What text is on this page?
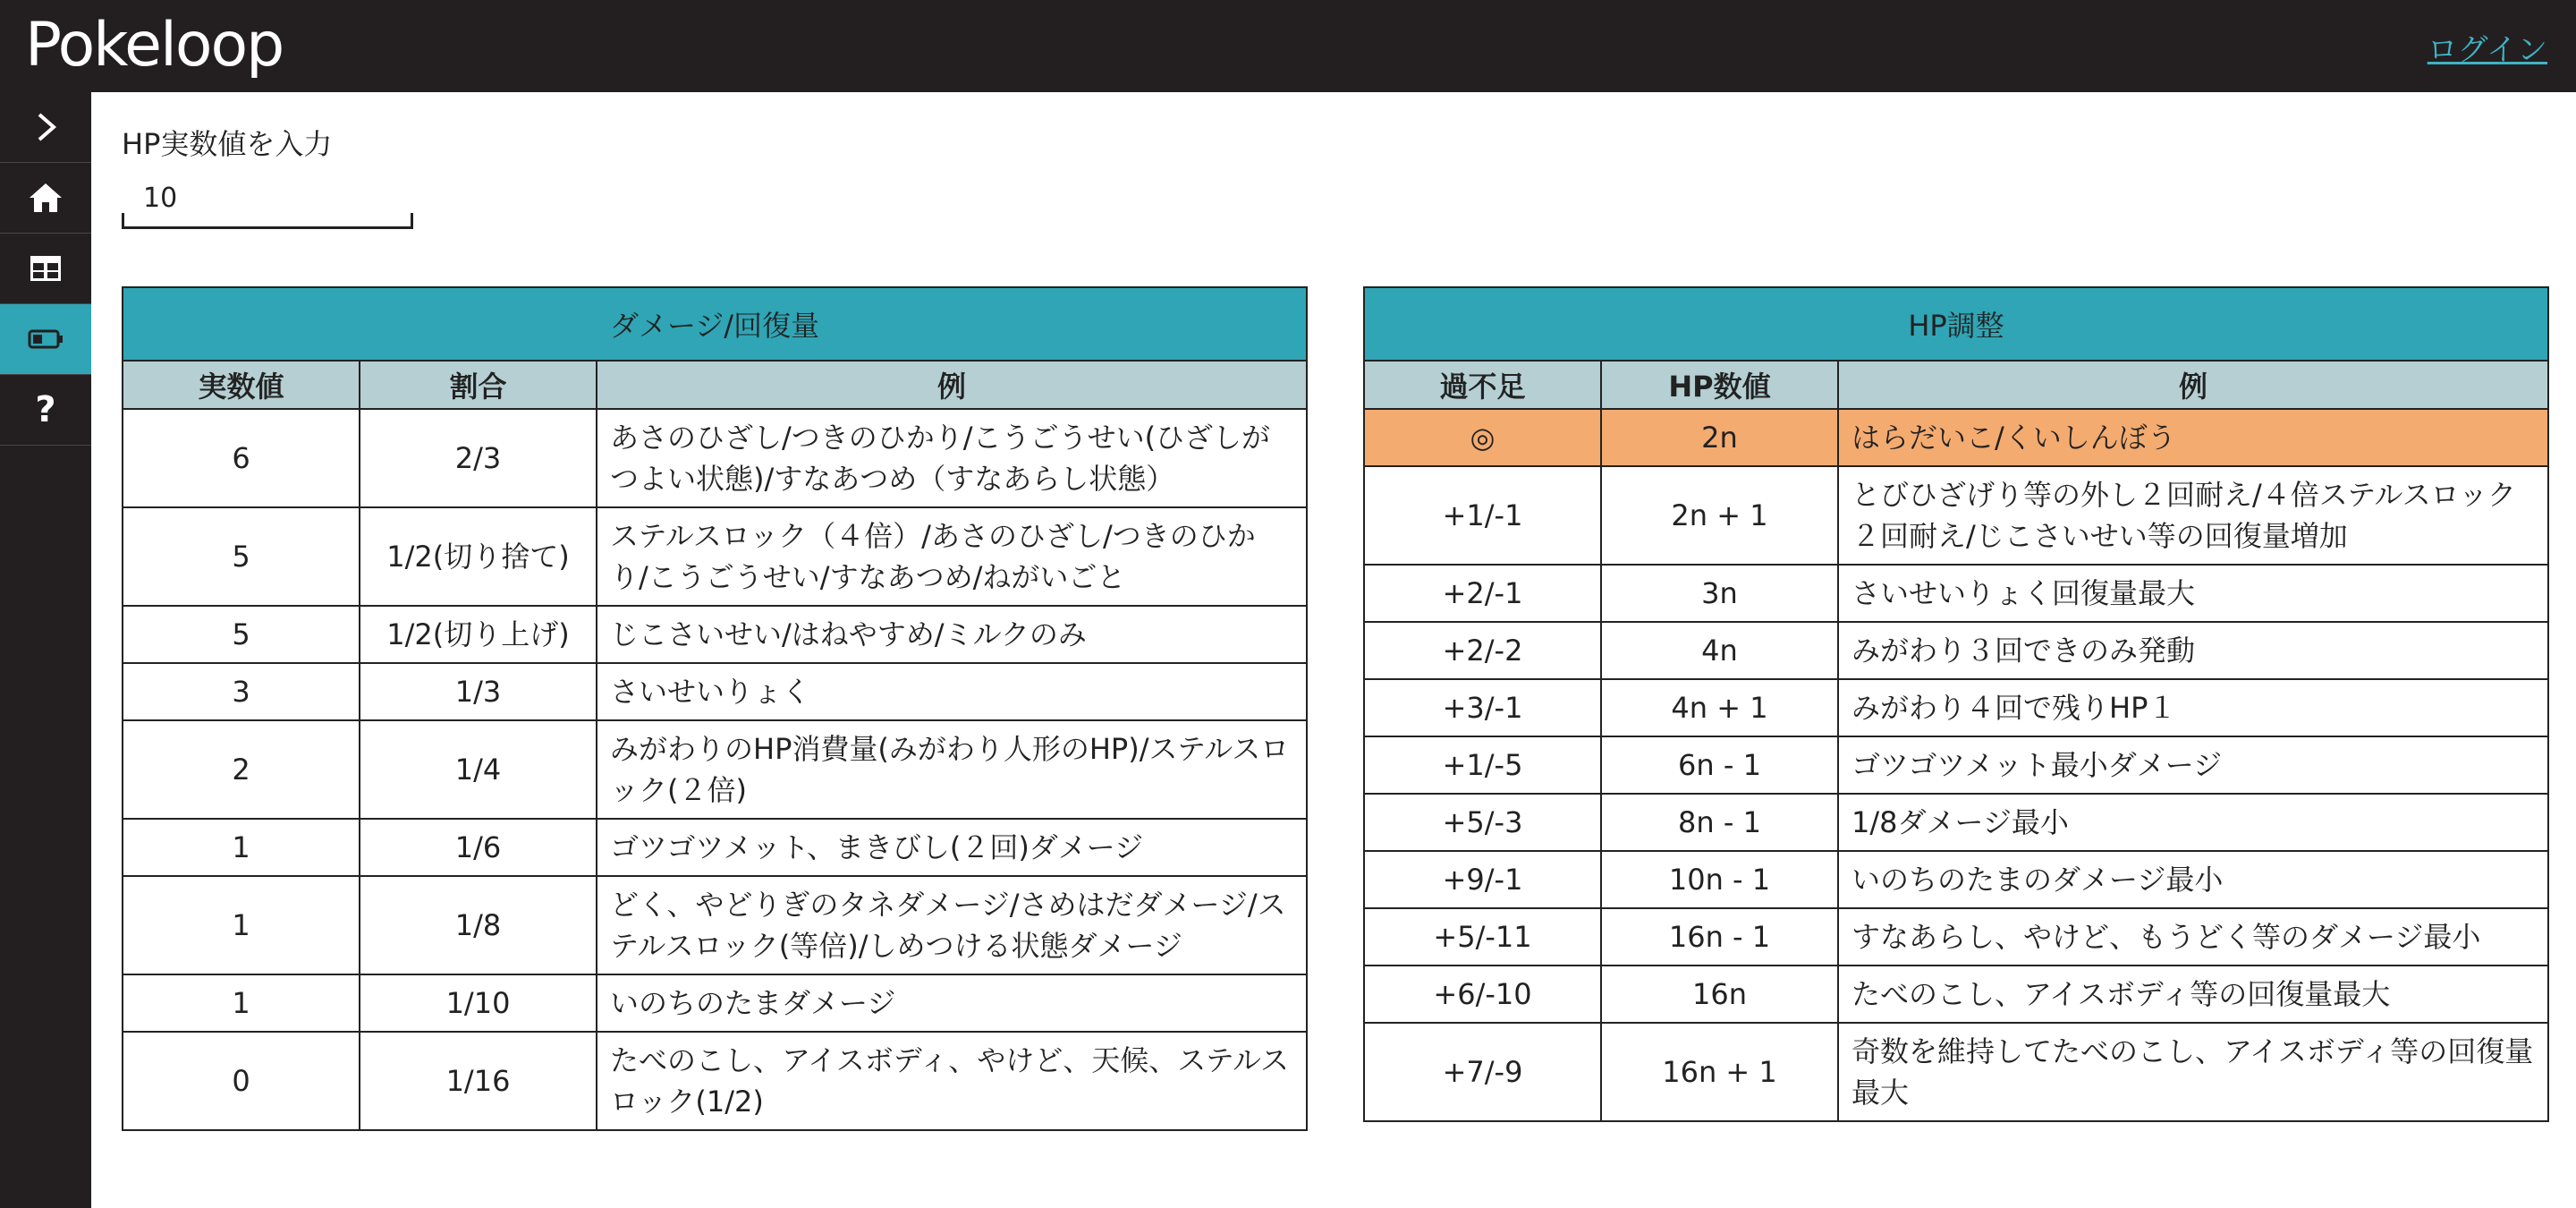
Pokeloop	ログイン
?
HP実数値を入力
10
ダメージ/回復量		
実数値	割合	例
6	2/3	あさのひざし/つきのひかり/こうごうせい(ひざしがつよい状態)/すなあつめ（すなあらし状態）
5	1/2(切り捨て)	ステルスロック（４倍）/あさのひざし/つきのひかり/こうごうせい/すなあつめ/ねがいごと
5	1/2(切り上げ)	じこさいせい/はねやすめ/ミルクのみ
3	1/3	さいせいりょく
2	1/4	みがわりのHP消費量(みがわり人形のHP)/ステルスロック(２倍)
1	1/6	ゴツゴツメット、まきびし(２回)ダメージ
1	1/8	どく、やどりぎのタネダメージ/さめはだダメージ/ステルスロック(等倍)/しめつける状態ダメージ
1	1/10	いのちのたまダメージ
0	1/16	たべのこし、アイスボディ、やけど、天候、ステルスロック(1/2)
HP調整		
過不足	HP数値	例
◎	2n	はらだいこ/くいしんぼう
+1/-1	2n + 1	とびひざげり等の外し２回耐え/４倍ステルスロック２回耐え/じこさいせい等の回復量増加
+2/-1	3n	さいせいりょく回復量最大
+2/-2	4n	みがわり３回できのみ発動
+3/-1	4n + 1	みがわり４回で残りHP１
+1/-5	6n - 1	ゴツゴツメット最小ダメージ
+5/-3	8n - 1	1/8ダメージ最小
+9/-1	10n - 1	いのちのたまのダメージ最小
+5/-11	16n - 1	すなあらし、やけど、もうどく等のダメージ最小
+6/-10	16n	たべのこし、アイスボディ等の回復量最大
+7/-9	16n + 1	奇数を維持してたべのこし、アイスボディ等の回復量最大
